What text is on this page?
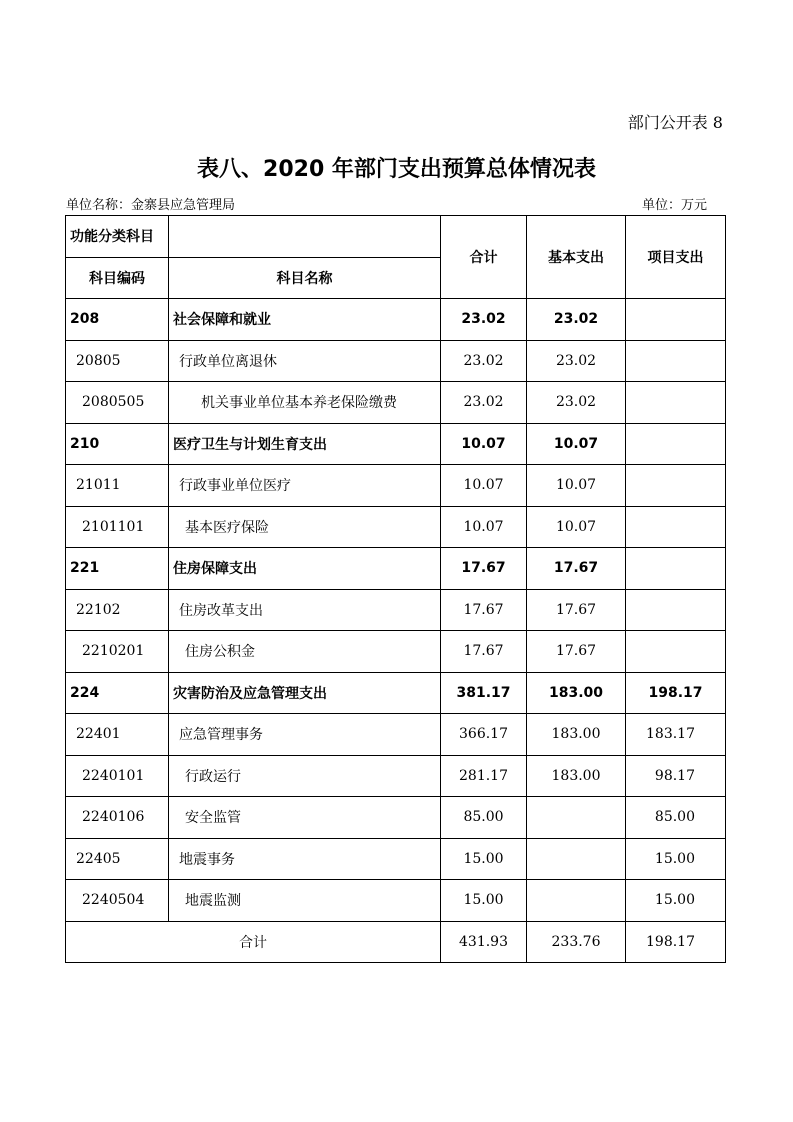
部门公开表 8
表八、2020 年部门支出预算总体情况表
单位名称：金寨县应急管理局	单位：万元
功能分类科目		合计	基本支出	项目支出
科目编码	科目名称			
208	社会保障和就业	23.02	23.02	
20805	行政单位离退休	23.02	23.02	
2080505	机关事业单位基本养老保险缴费	23.02	23.02	
210	医疗卫生与计划生育支出	10.07	10.07	
21011	行政事业单位医疗	10.07	10.07	
2101101	基本医疗保险	10.07	10.07	
221	住房保障支出	17.67	17.67	
22102	住房改革支出	17.67	17.67	
2210201	住房公积金	17.67	17.67	
224	灾害防治及应急管理支出	381.17	183.00	198.17
22401	应急管理事务	366.17	183.00	183.17
2240101	行政运行	281.17	183.00	98.17
2240106	安全监管	85.00		85.00
22405	地震事务	15.00		15.00
2240504	地震监测	15.00		15.00
合计		431.93	233.76	198.17
